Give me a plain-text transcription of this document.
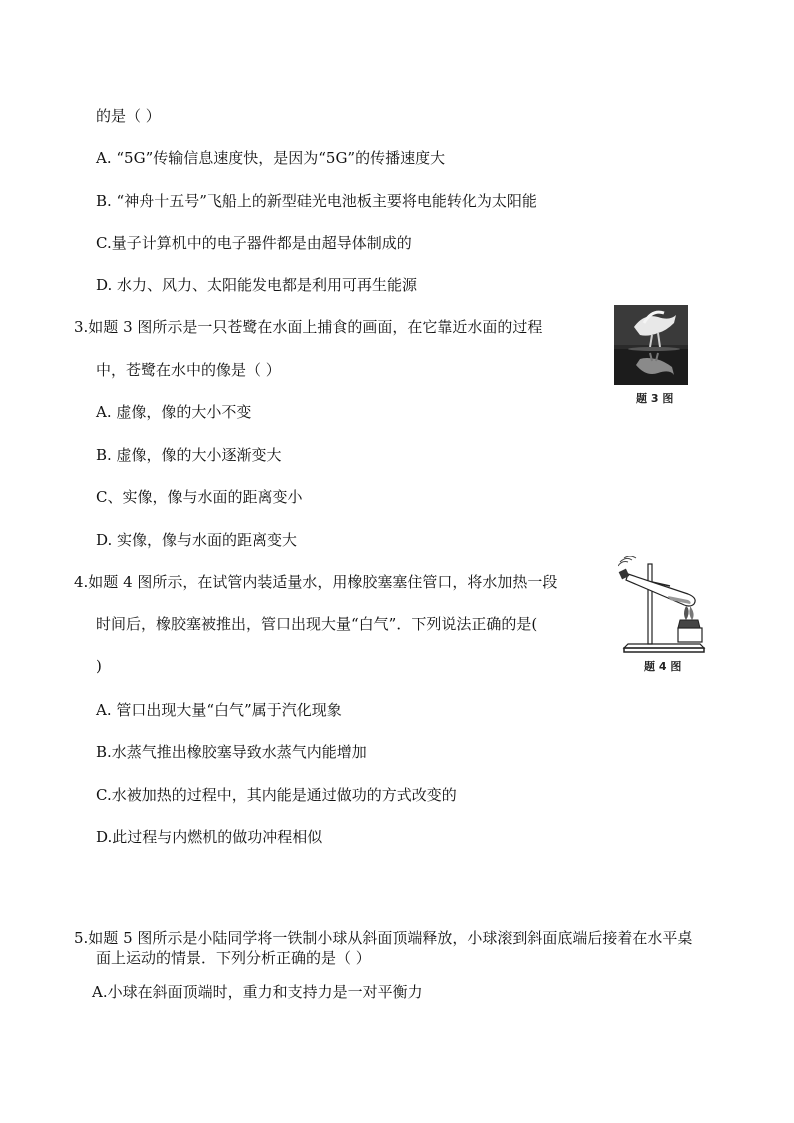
的是（ ）
A. “5G”传输信息速度快，是因为“5G”的传播速度大
B. “神舟十五号”飞船上的新型硅光电池板主要将电能转化为太阳能
C.量子计算机中的电子器件都是由超导体制成的
D. 水力、风力、太阳能发电都是利用可再生能源
3.如题 3 图所示是一只苍鹭在水面上捕食的画面，在它靠近水面的过程
中，苍鹭在水中的像是（ ）
A. 虚像，像的大小不变
B. 虚像，像的大小逐渐变大
C、实像，像与水面的距离变小
D. 实像，像与水面的距离变大
题 3 图
4.如题 4 图所示，在试管内装适量水，用橡胶塞塞住管口，将水加热一段
时间后，橡胶塞被推出，管口出现大量“白气”．下列说法正确的是(
)
A. 管口出现大量“白气”属于汽化现象
B.水蒸气推出橡胶塞导致水蒸气内能增加
C.水被加热的过程中，其内能是通过做功的方式改变的
D.此过程与内燃机的做功冲程相似
题 4 图
5.如题 5 图所示是小陆同学将一铁制小球从斜面顶端释放，小球滚到斜面底端后接着在水平桌
面上运动的情景．下列分析正确的是（ ）
A.小球在斜面顶端时，重力和支持力是一对平衡力
